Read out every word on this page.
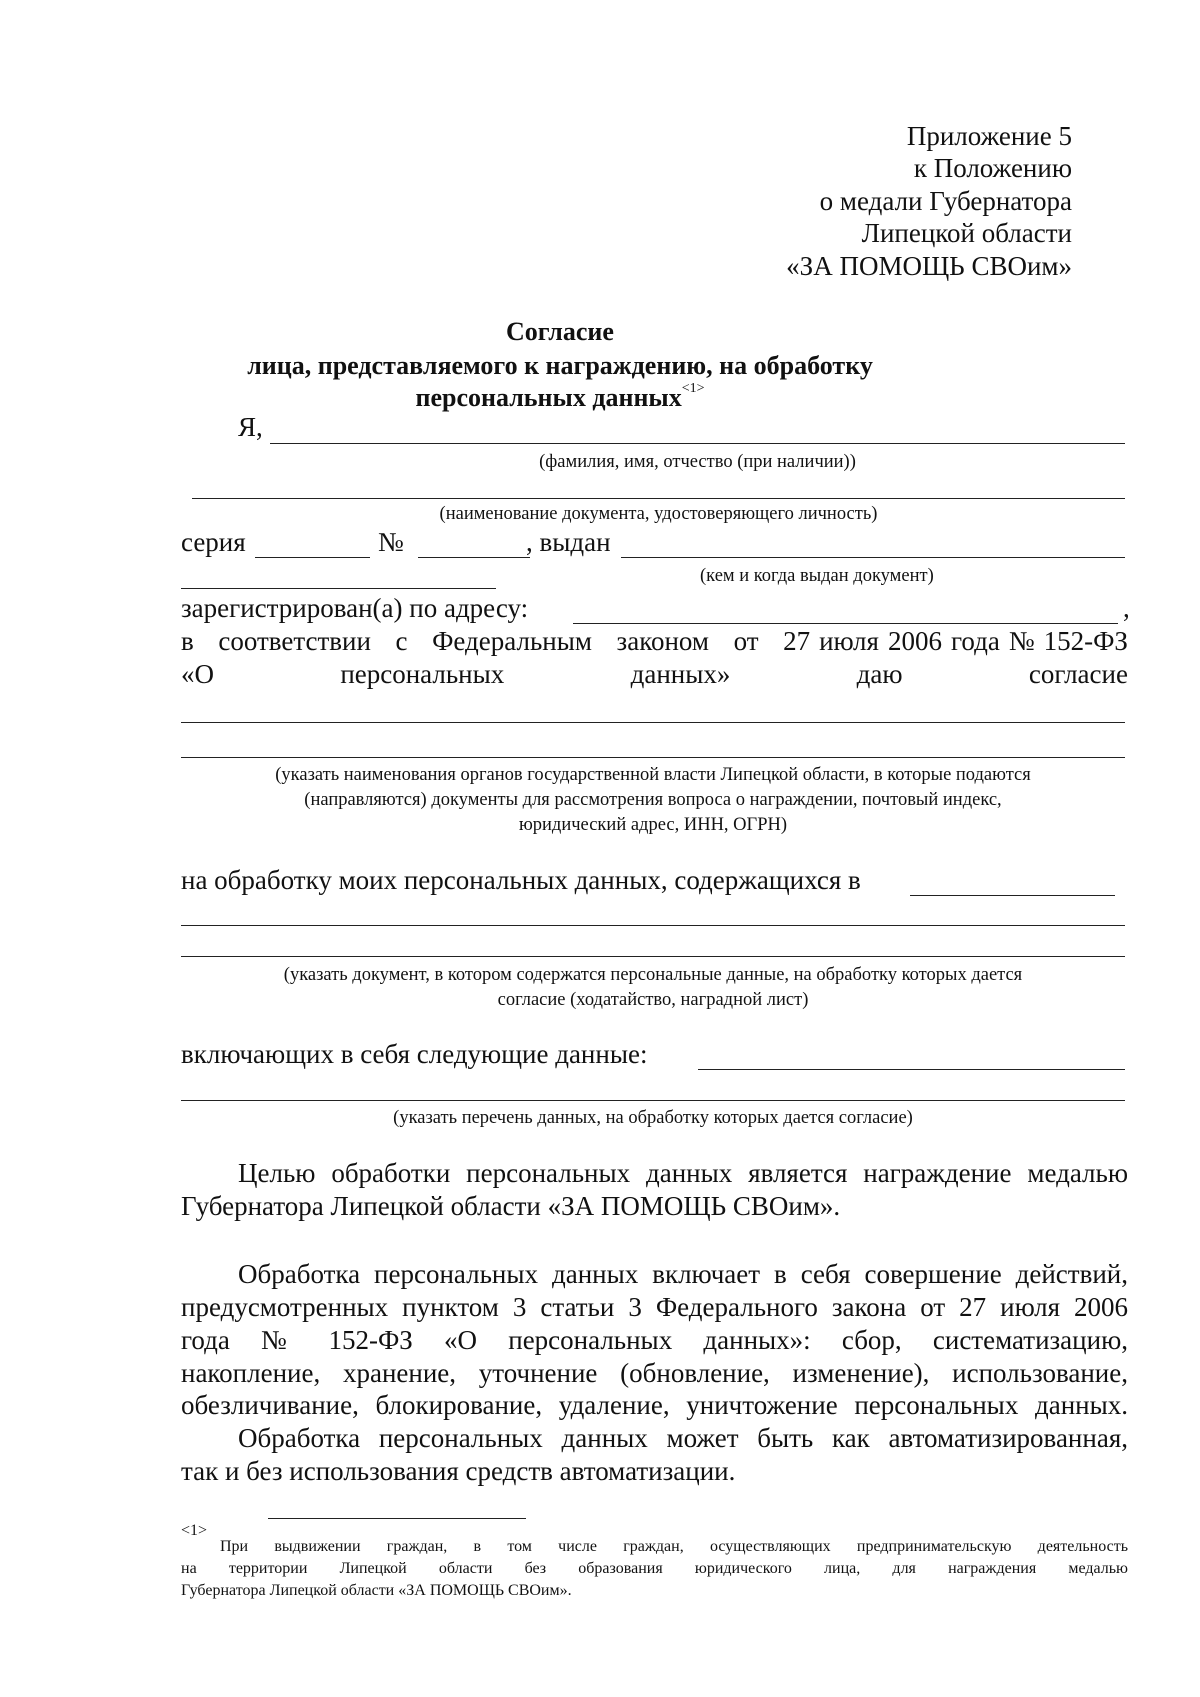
Приложение 5
к Положению
о медали Губернатора
Липецкой области
«ЗА ПОМОЩЬ СВОим»
Согласие
лица, представляемого к награждению, на обработку
персональных данных$^{<1>}$
Я,
(фамилия, имя, отчество (при наличии))
(наименование документа, удостоверяющего личность)
серия	№	, выдан
(кем и когда выдан документ)
зарегистрирован(а) по адресу:	,
в соответствии с Федеральным законом от 27 июля 2006 года № 152-ФЗ
«О	персональных	данных»	даю	согласие
(указать наименования органов государственной власти Липецкой области, в которые подаются
(направляются) документы для рассмотрения вопроса о награждении, почтовый индекс,
юридический адрес, ИНН, ОГРН)
на обработку моих персональных данных, содержащихся в
(указать документ, в котором содержатся персональные данные, на обработку которых дается
согласие (ходатайство, наградной лист)
включающих в себя следующие данные:
(указать перечень данных, на обработку которых дается согласие)
Целью обработки персональных данных является награждение медалью
Губернатора Липецкой области «ЗА ПОМОЩЬ СВОим».
Обработка персональных данных включает в себя совершение действий,
предусмотренных пунктом 3 статьи 3 Федерального закона от 27 июля 2006
года № 152-ФЗ «О персональных данных»: сбор, систематизацию,
накопление, хранение, уточнение (обновление, изменение), использование,
обезличивание, блокирование, удаление, уничтожение персональных данных.
Обработка персональных данных может быть как автоматизированная,
так и без использования средств автоматизации.
<1>
При выдвижении граждан, в том числе граждан, осуществляющих предпринимательскую деятельность
на территории Липецкой области без образования юридического лица, для награждения медалью
Губернатора Липецкой области «ЗА ПОМОЩЬ СВОим».
